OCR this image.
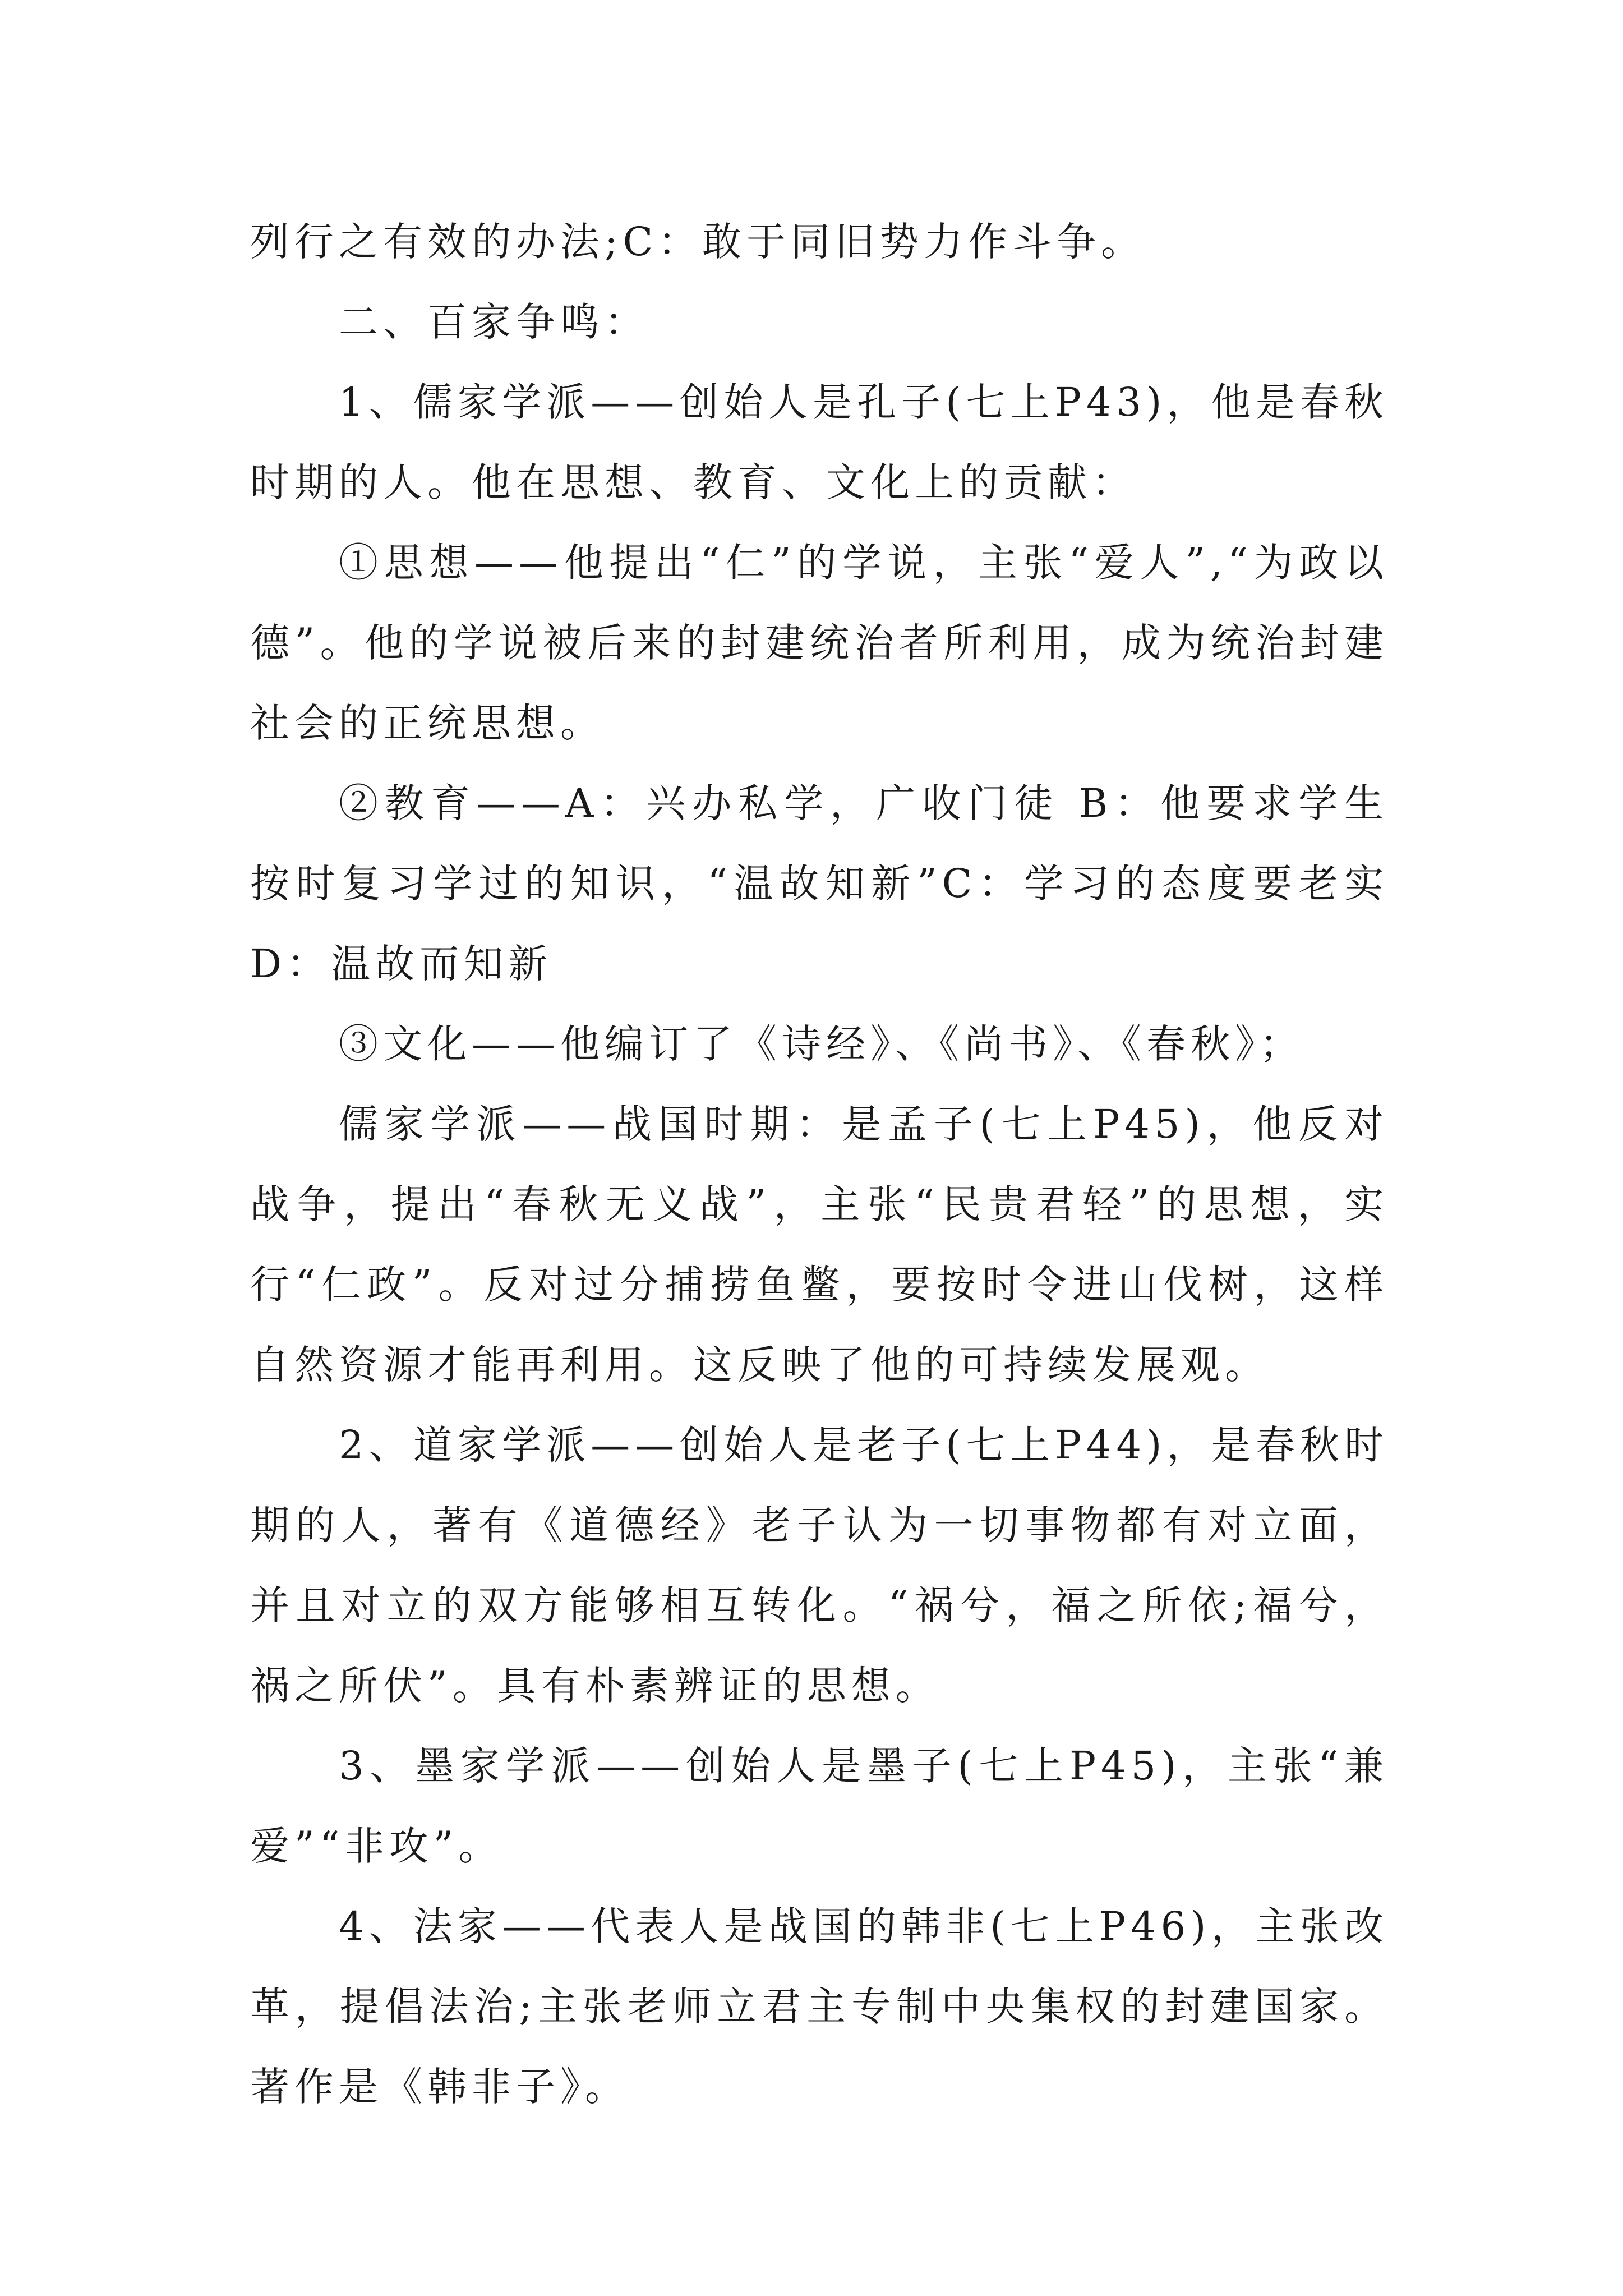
列行之有效的办法;C：敢于同旧势力作斗争。

二、百家争鸣：

1、儒家学派——创始人是孔子(七上P43)，他是春秋时期的人。他在思想、教育、文化上的贡献：

①思想——他提出“仁”的学说，主张“爱人”,“为政以德”。他的学说被后来的封建统治者所利用，成为统治封建社会的正统思想。

②教育——A：兴办私学，广收门徒 B：他要求学生按时复习学过的知识，“温故知新”C：学习的态度要老实 D：温故而知新

③文化——他编订了《诗经》、《尚书》、《春秋》；

儒家学派——战国时期：是孟子(七上P45)，他反对战争，提出“春秋无义战”，主张“民贵君轻”的思想，实行“仁政”。反对过分捕捞鱼鳖，要按时令进山伐树，这样自然资源才能再利用。这反映了他的可持续发展观。

2、道家学派——创始人是老子(七上P44)，是春秋时期的人，著有《道德经》老子认为一切事物都有对立面，并且对立的双方能够相互转化。“祸兮，福之所依;福兮，祸之所伏”。具有朴素辨证的思想。

3、墨家学派——创始人是墨子(七上P45)，主张“兼爱”“非攻”。

4、法家——代表人是战国的韩非(七上P46)，主张改革，提倡法治;主张老师立君主专制中央集权的封建国家。著作是《韩非子》。
